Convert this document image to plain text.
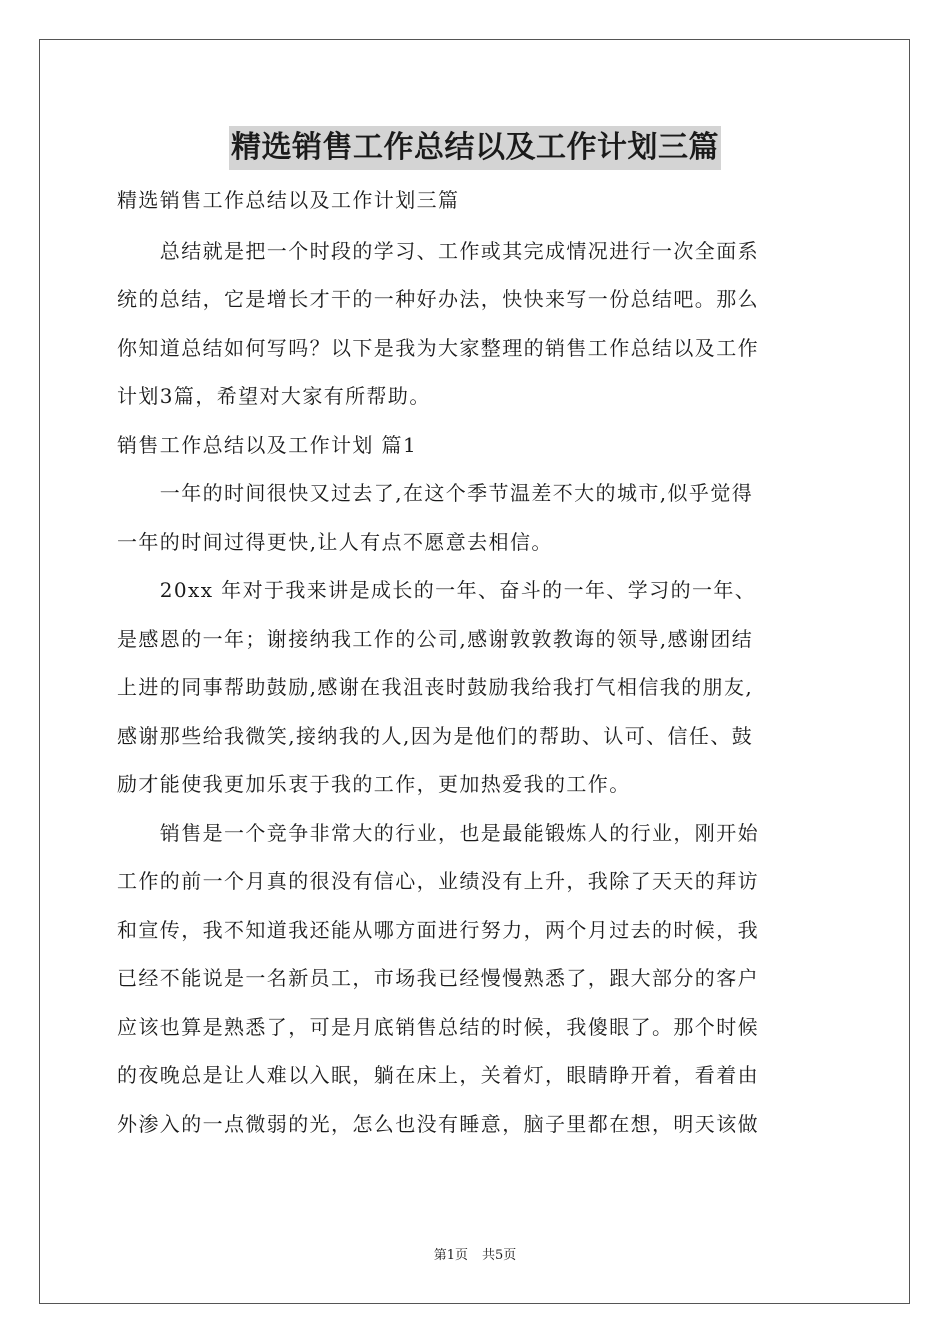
精选销售工作总结以及工作计划三篇
精选销售工作总结以及工作计划三篇
　　总结就是把一个时段的学习、工作或其完成情况进行一次全面系
统的总结，它是增长才干的一种好办法，快快来写一份总结吧。那么
你知道总结如何写吗？以下是我为大家整理的销售工作总结以及工作
计划3篇，希望对大家有所帮助。
销售工作总结以及工作计划 篇1
　　一年的时间很快又过去了,在这个季节温差不大的城市,似乎觉得
一年的时间过得更快,让人有点不愿意去相信。
　　20xx 年对于我来讲是成长的一年、奋斗的一年、学习的一年、
是感恩的一年；谢接纳我工作的公司,感谢敦敦教诲的领导,感谢团结
上进的同事帮助鼓励,感谢在我沮丧时鼓励我给我打气相信我的朋友,
感谢那些给我微笑,接纳我的人,因为是他们的帮助、认可、信任、鼓
励才能使我更加乐衷于我的工作，更加热爱我的工作。
　　销售是一个竞争非常大的行业，也是最能锻炼人的行业，刚开始
工作的前一个月真的很没有信心，业绩没有上升，我除了天天的拜访
和宣传，我不知道我还能从哪方面进行努力，两个月过去的时候，我
已经不能说是一名新员工，市场我已经慢慢熟悉了，跟大部分的客户
应该也算是熟悉了，可是月底销售总结的时候，我傻眼了。那个时候
的夜晚总是让人难以入眠，躺在床上，关着灯，眼睛睁开着，看着由
外渗入的一点微弱的光，怎么也没有睡意，脑子里都在想，明天该做
第1页 共5页
